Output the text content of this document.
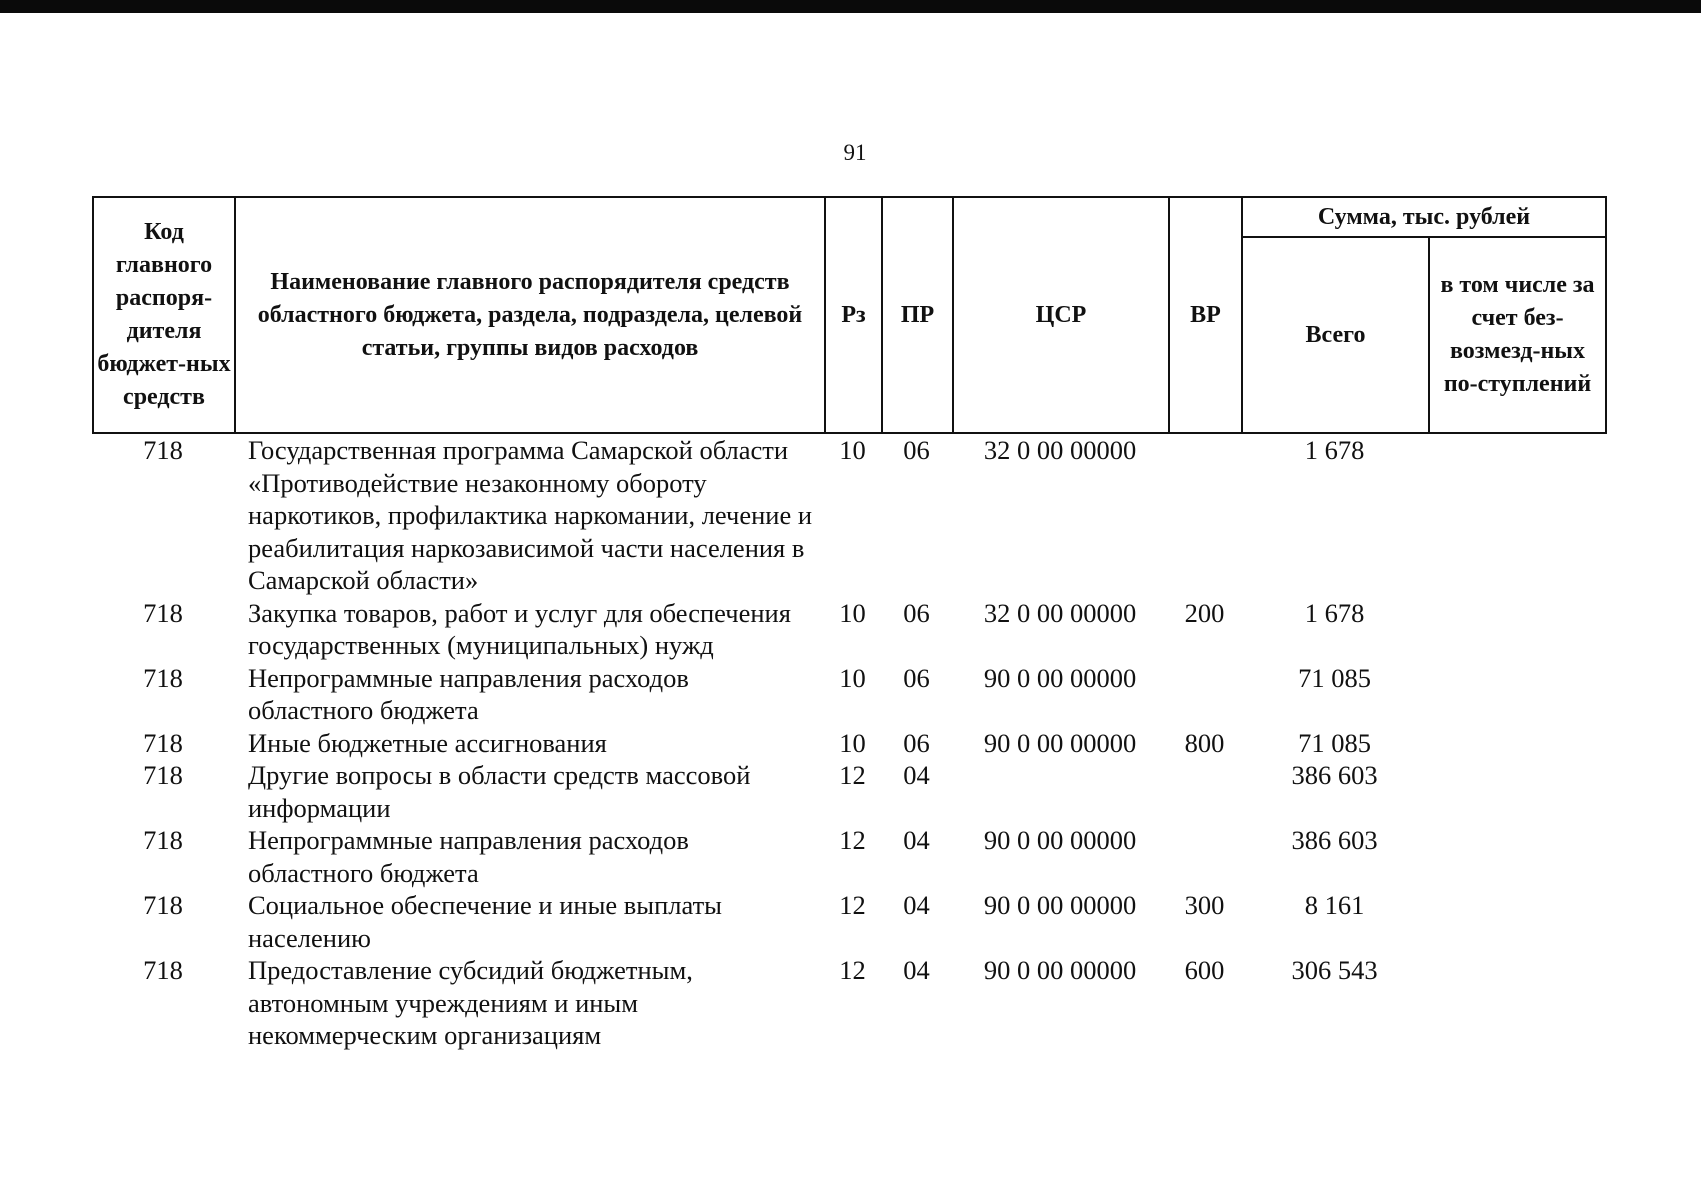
91
Код главного распоря-дителя бюджет-ных средств	Наименование главного распорядителя средств областного бюджета, раздела, подраздела, целевой статьи, группы видов расходов	Рз	ПР	ЦСР	ВР	Сумма, тыс. рублей	
						Всего	в том числе за счет без-возмезд-ных по-ступлений
718	Государственная программа Самарской области «Противодействие незаконному обороту наркотиков, профилактика наркомании, лечение и реабилитация наркозависимой части населения в Самарской области»	10	06	32 0 00 00000		1 678	
718	Закупка товаров, работ и услуг для обеспечения государственных (муниципальных) нужд	10	06	32 0 00 00000	200	1 678	
718	Непрограммные направления расходов областного бюджета	10	06	90 0 00 00000		71 085	
718	Иные бюджетные ассигнования	10	06	90 0 00 00000	800	71 085	
718	Другие вопросы в области средств массовой информации	12	04			386 603	
718	Непрограммные направления расходов областного бюджета	12	04	90 0 00 00000		386 603	
718	Социальное обеспечение и иные выплаты населению	12	04	90 0 00 00000	300	8 161	
718	Предоставление субсидий бюджетным, автономным учреждениям и иным некоммерческим организациям	12	04	90 0 00 00000	600	306 543	
